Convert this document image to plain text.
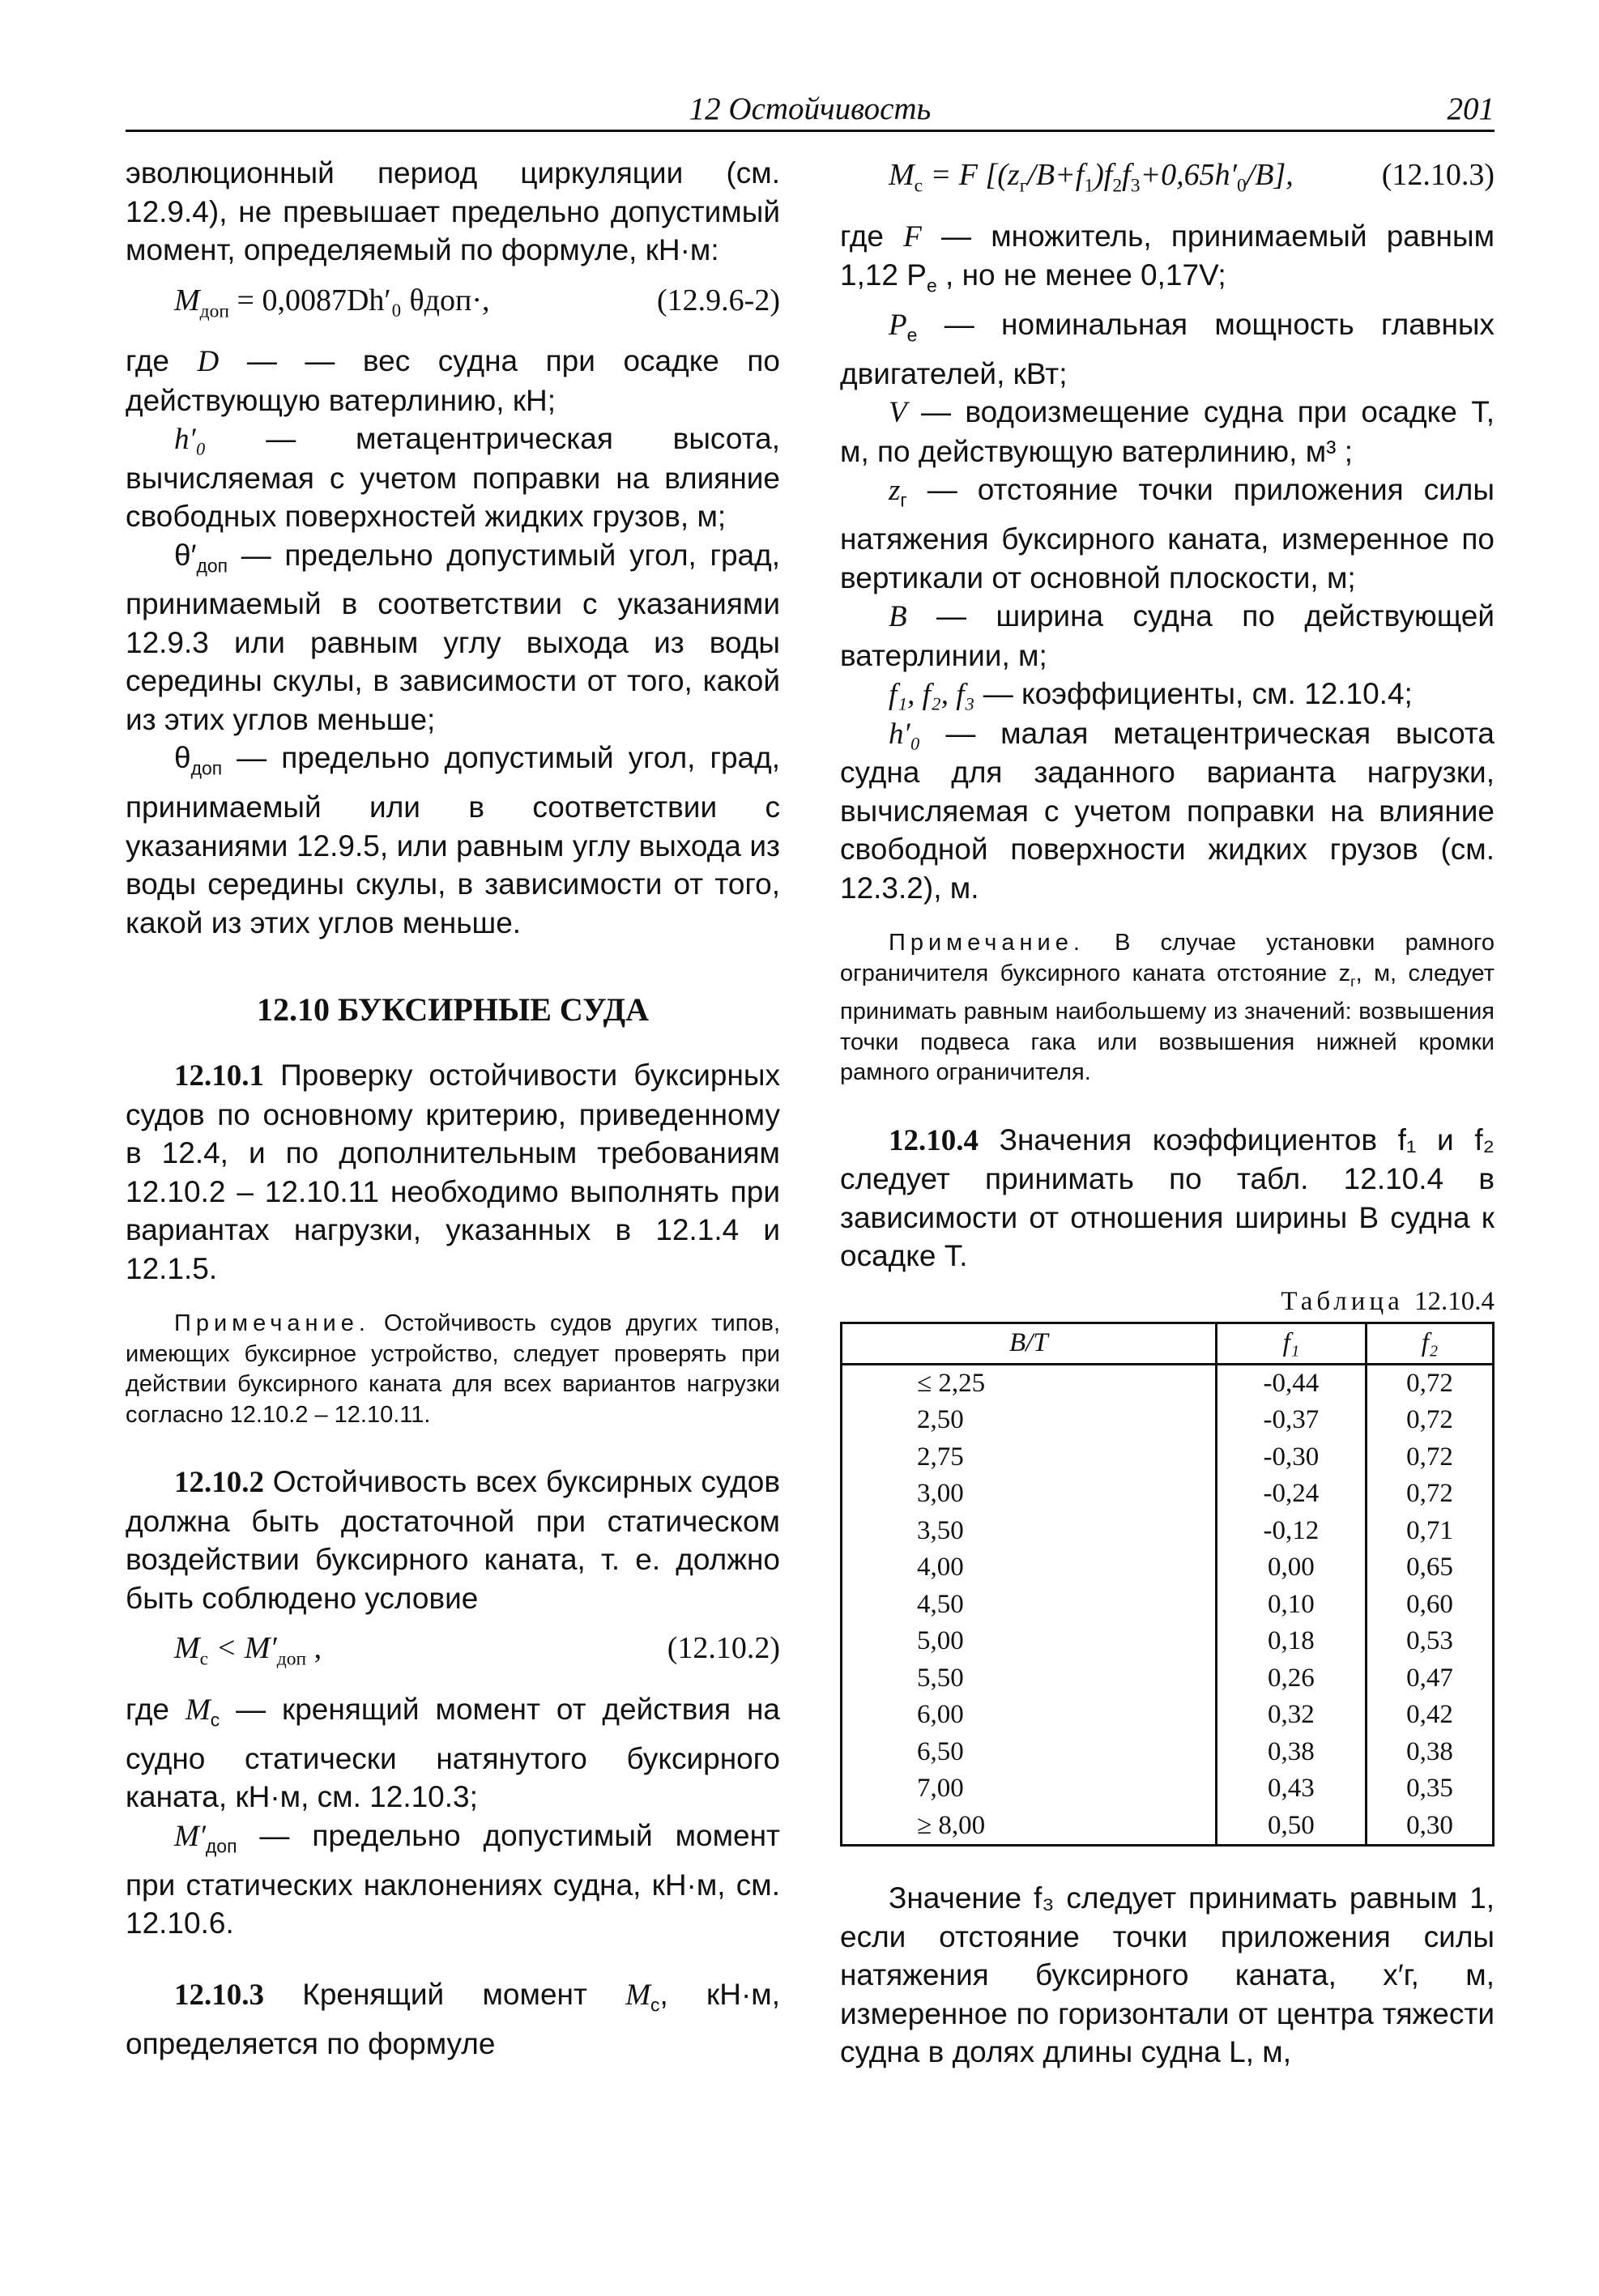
12 Остойчивость	201

эволюционный период циркуляции (см. 12.9.4), не превышает предельно допустимый момент, определяемый по формуле, кН·м:

$M_{доп} = 0,0087Dh'_0$ θдоп·,	(12.9.6-2)

где D — — вес судна при осадке по действующую ватерлинию, кН;

h′₀ — метацентрическая высота, вычисляемая с учетом поправки на влияние свободных поверхностей жидких грузов, м;

$\theta'_{доп}$ — предельно допустимый угол, град, принимаемый в соответствии с указаниями 12.9.3 или равным углу выхода из воды середины скулы, в зависимости от того, какой из этих углов меньше;

$\theta_{доп}$ — предельно допустимый угол, град, принимаемый или в соответствии с указаниями 12.9.5, или равным углу выхода из воды середины скулы, в зависимости от того, какой из этих углов меньше.

12.10 БУКСИРНЫЕ СУДА

12.10.1 Проверку остойчивости буксирных судов по основному критерию, приведенному в 12.4, и по дополнительным требованиям 12.10.2 – 12.10.11 необходимо выполнять при вариантах нагрузки, указанных в 12.1.4 и 12.1.5.

Примечание. Остойчивость судов других типов, имеющих буксирное устройство, следует проверять при действии буксирного каната для всех вариантов нагрузки согласно 12.10.2 – 12.10.11.

12.10.2 Остойчивость всех буксирных судов должна быть достаточной при статическом воздействии буксирного каната, т. е. должно быть соблюдено условие

$M_c < M'_{доп}$ ,	(12.10.2)

где $M_c$ — кренящий момент от действия на судно статически натянутого буксирного каната, кН·м, см. 12.10.3;

$M'_{доп}$ — предельно допустимый момент при статических наклонениях судна, кН·м, см. 12.10.6.

12.10.3 Кренящий момент $M_c$, кН·м, определяется по формуле

$M_c = F$ $[(z_г/B+f_1)f_2f_3+0,65h'_0/B]$,	(12.10.3)

где F — множитель, принимаемый равным 1,12 $P_e$ , но не менее 0,17V;

$P_e$ — номинальная мощность главных двигателей, кВт;

V — водоизмещение судна при осадке T, м, по действующую ватерлинию, м³ ;

$z_г$ — отстояние точки приложения силы натяжения буксирного каната, измеренное по вертикали от основной плоскости, м;

B — ширина судна по действующей ватерлинии, м;

f₁, f₂, f₃ — коэффициенты, см. 12.10.4;

h′₀ — малая метацентрическая высота судна для заданного варианта нагрузки, вычисляемая с учетом поправки на влияние свободной поверхности жидких грузов (см. 12.3.2), м.

Примечание. В случае установки рамного ограничителя буксирного каната отстояние $z_г$, м, следует принимать равным наибольшему из значений: возвышения точки подвеса гака или возвышения нижней кромки рамного ограничителя.

12.10.4 Значения коэффициентов f₁ и f₂ следует принимать по табл. 12.10.4 в зависимости от отношения ширины B судна к осадке T.

Таблица 12.10.4
B/T	f₁	f₂
≤ 2,25	-0,44	0,72
2,50	-0,37	0,72
2,75	-0,30	0,72
3,00	-0,24	0,72
3,50	-0,12	0,71
4,00	0,00	0,65
4,50	0,10	0,60
5,00	0,18	0,53
5,50	0,26	0,47
6,00	0,32	0,42
6,50	0,38	0,38
7,00	0,43	0,35
≥ 8,00	0,50	0,30

Значение f₃ следует принимать равным 1, если отстояние точки приложения силы натяжения буксирного каната, x′г, м, измеренное по горизонтали от центра тяжести судна в долях длины судна L, м,
